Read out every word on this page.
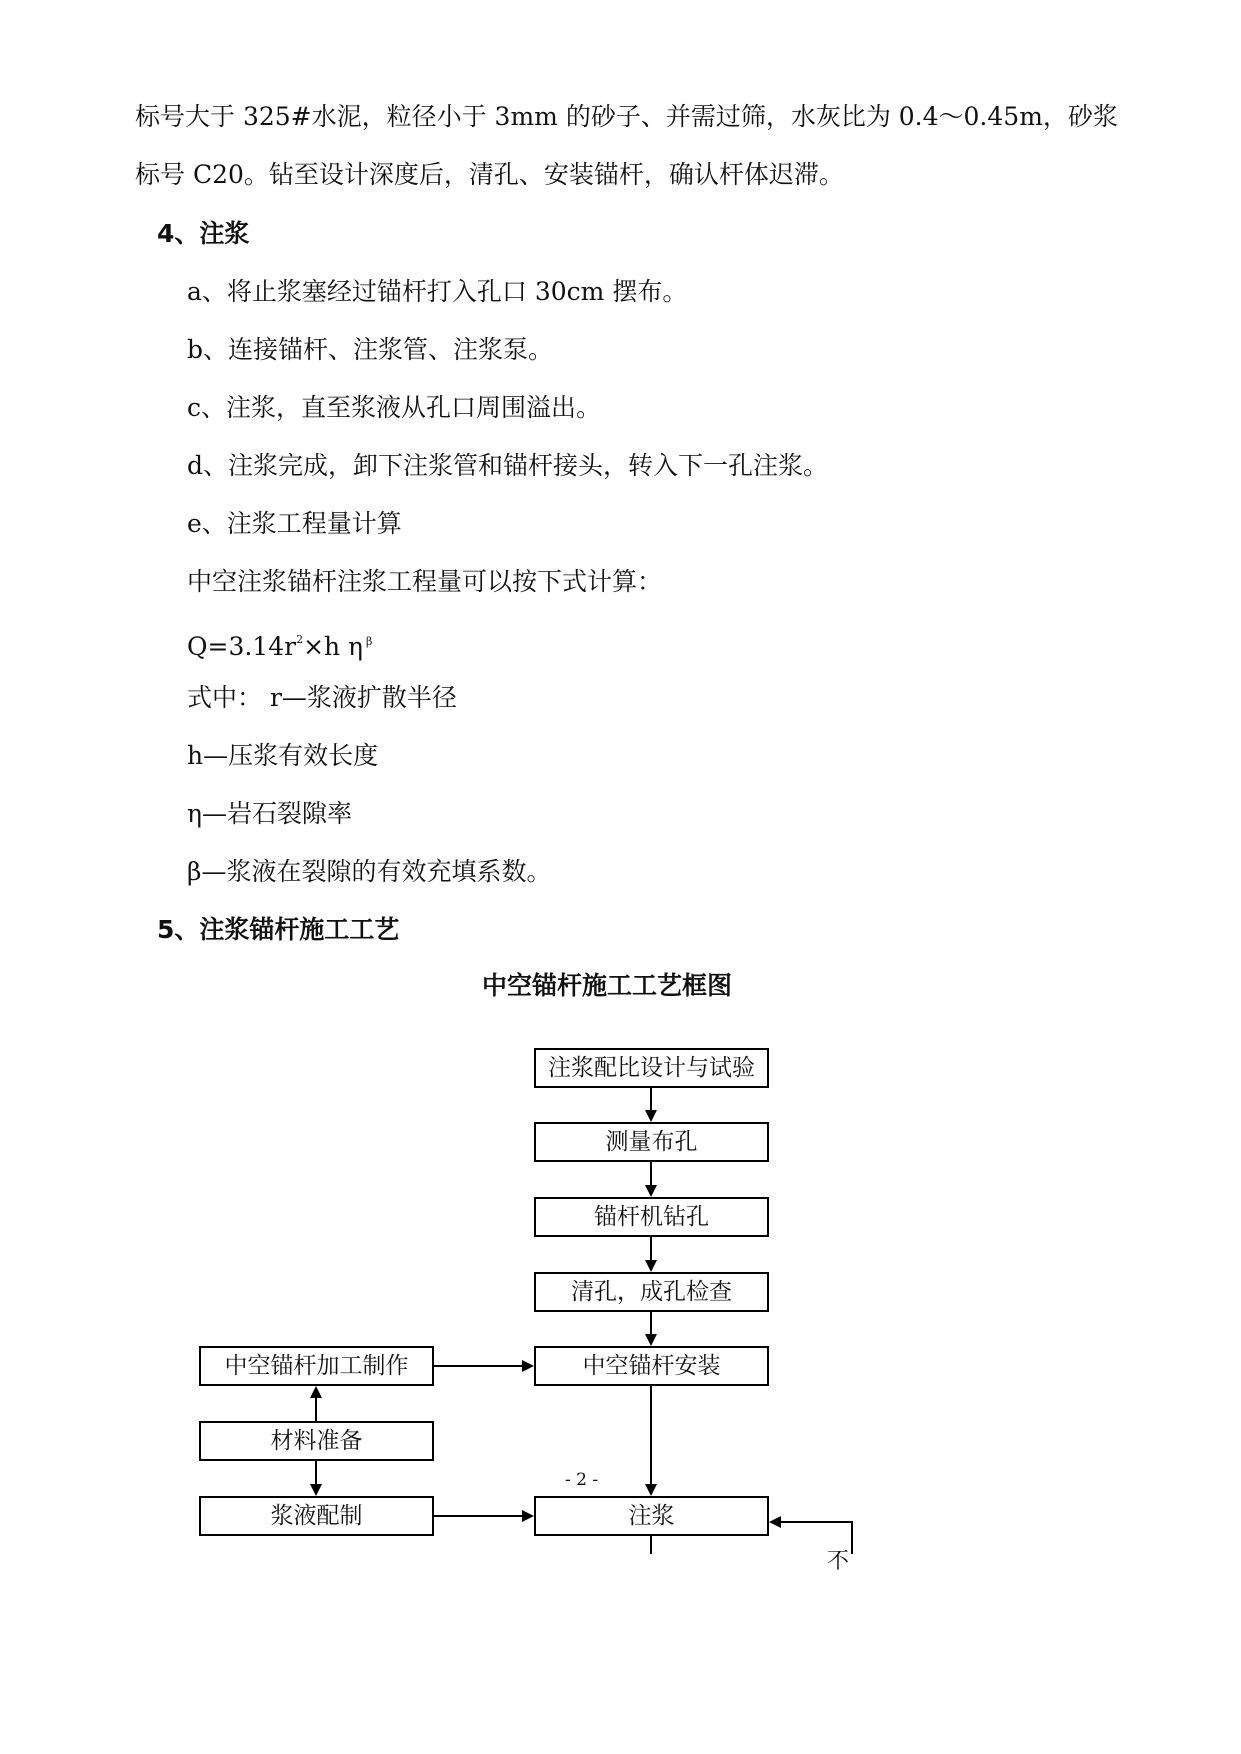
标号大于 325#水泥，粒径小于 3mm 的砂子、并需过筛，水灰比为 0.4～0.45m，砂浆
标号 C20。钻至设计深度后，清孔、安装锚杆，确认杆体迟滞。
4、注浆
a、将止浆塞经过锚杆打入孔口 30cm 摆布。
b、连接锚杆、注浆管、注浆泵。
c、注浆，直至浆液从孔口周围溢出。
d、注浆完成，卸下注浆管和锚杆接头，转入下一孔注浆。
e、注浆工程量计算
中空注浆锚杆注浆工程量可以按下式计算：
$Q=3.14r^2\times h$ η $^\beta$
式中： r—浆液扩散半径
h—压浆有效长度
η—岩石裂隙率
β—浆液在裂隙的有效充填系数。
5、注浆锚杆施工工艺
中空锚杆施工工艺框图
注浆配比设计与试验
测量布孔
锚杆机钻孔
清孔，成孔检查
中空锚杆安装
注浆
中空锚杆加工制作
材料准备
浆液配制
不
- 2 -
